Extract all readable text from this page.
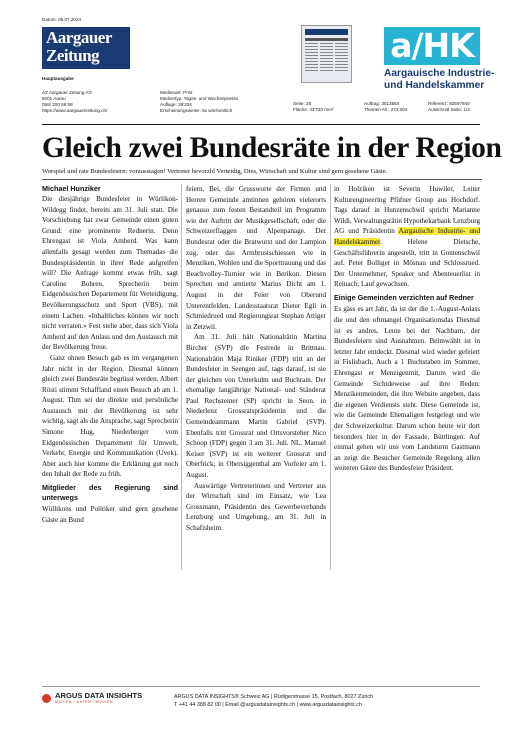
Datum: 05.07.2024
Aargauer
Zeitung
Hauptausgabe
a/HK
Aargauische Industrie-
und Handelskammer
AZ Aargauer Zeitung AG
5001 Aarau
058/ 200 58 58
https://www.aargauerzeitung.ch/
Medienart: Print
Medientyp: Tages- und Wochenpresse
Auflage: 39'334
Erscheinungsweise: 6x wöchentlich
Seite: 25
Fläche: 43'733 mm²
Auftrag: 3013554
Themen-Nr.: 272.003
Referenz: 92597840
Ausschnitt Seite: 1/2
Gleich zwei Bundesräte in der Region
Worspiel und rate Bundesfeiern: vorausstagen! Vertreter bevorzhl Verteidig, Dies, Wirtschaft und Kultur sind gern gesehene Gäste.
Michael Hunziker

Die diesjährige Bundesfeier in Würlikon-Wildegg findet, bereits am 31. Juli statt. Die Vorschiebung hat zwar Gemeinde einen guten Grund: eine prominente Rednerin. Denn Ehrengast ist Viola Amherd. Was kann allenfalls gesagt werden zum Themadas die Bundespräsidentin in ihrer Rede aufgreifen will? Die Anfrage kommt etwas früh, sagt Caroline Bohren, Sprecherin beim Eidgenössischen Departement für Verteidigung, Bevölkerungsschutz und Sport (VBS), mit einem Lachen. «Inhaltliches können wir noch nicht verraten.» Fest stehe aber, dass sich Viola Amherd auf den Anlass und den Austausch mit der Bevölkerung freue.

Ganz ohnen Besuch gab es im vergangenen Jahr nicht in der Region. Diesmal können gleich zwei Bundesräte begrüsst werden. Albert Rösti stimmt Schaffland einen Besuch ab am 1. August. Thm sei der direkte und persönliche Austausch mit der Bevölkerung ist sehr wichtig, sagt als die Ansprache, sagt Sprecherin Simone Hug, Niederberger vom Eidgenössischen Departement für Umwelt, Verkehr, Energie und Kommunikation (Uvek). Aber auch hier komme die Erklärung gut noch den Inhalt der Rede zu früh.

Mitglieder des Regierung sind unterwegs

Wüllikons und Politiker sind gern gesehene Gäste an Bund

feiern. Bei, die Grussworte der Firmen und Herren Gemeinde amtinnen gehören vielerorts genauso zum festen Bestandteil im Programm wie der Auftritt der Musikgesellschaft, oder die Schweizerflaggen und Alpenpanage. Der Bundesrat oder die Bratwurst und der Lampion zug, oder das Armbrustschiessen wie in Menziken, Wohlen und die Sporttrauung und das Beachvolley-Turnier wie in Berikon. Diesen Sprechen und amtierte Marius Dicht am 1. August in der Feier von Oberund Unterentfelden. Landesstaatsrat Dieter Egli in Schmiedrued und Regierungsrat Stephan Attiger in Zetzwil.

Am 31. Juli hält Nationalrätin Martina Bircher (SVP) die Festrede in Brittnau. Nationalrätin Maja Riniker (FDP) tritt an der Bundesfeier in Seengen auf, tags darauf, ist sie der gleichen von Unterkulm und Buchrain. Der ehemalige langjährige National- und Ständerat Paul Rechsteiner (SP) spricht in Seon. in Niederlenz Grossratspräsidentin und die Gemeindeammann Martin Gabriel (SVP). Ebenfalls tritt Grossrat und Ortsvorsteher Nico Schoop (FDP) gegen 3 am 31. Juli. NL. Manuel Keiser (SVP) ist ein weiterer Grossrat und Oberfrick; in Obersiggenthal am Vorfeier am 1. August.

Auswärtige Vertreterinnen und Vertreter aus der Wirtschaft sind im Einsatz, wie Lea Grossmann, Präsidentin des Gewerbeverbands Lenzburg und Umgebung, am 31. Juli in Schafisheim.

in Holziken ist Severin Huwiler, Leiter Kulturengineering Pfüfner Group aus Hochdorf. Tags darauf in Hunzenschwil spricht Marianne Wildi, Verwaltungsrätin Hypothekarbank Lenzburg AG und Präsidentin Aargauische Industrie- und Handelskammer. Helene Dietsche, Geschäftsführerin angestellt, tritt in Gontenschwil auf. Peter Bolliger in Mösnau und Schlossrued. Der Unternehmer, Speaker und Abenteuerlist in Reinach; Lauf gewachsen.

Einige Gemeinden verzichten auf Redner

Es gäss es art Jahr, da ist der die 1.-August-Anlass die und den oftmangel Organisationsdas Diesmal ist es andres. Leute bei der Nachbarn, der Bundesfeiern sind Ausnahmen. Beimwählt ist in letzter Jahr entdeckt. Diesmal wird wieder gefeiert in Fislisbach, Auch a 1 Buchstaben im Sommer, Ehrengast er Menzigenmit, Darum wird die Gemeinde Sichtdeweise auf ihre Reden: Menzikenmeinden, die ihre Website angeben, dass die eigenen Verdiensts steht. Diese Gemeinde ist, wie die Gemeinde Ehemaligen festgelegt und wie der Schweizerkultur. Darum schon heute wir dort besonders hier in der Fassade, Büttlingen. Auf einmal gehen wir uns vom Landsturm Gastmann an zeigt die Besucher Gemeinde Regelung allen weiteren Gäste des Bundesfeier Präsident.

ARGUS DATA INSIGHTS
MEDIEN · DATEN · WISSEN
ARGUS DATA INSIGHTS® Schweiz AG | Rüdigerstrasse 15, Postfach, 8027 Zürich
T +41 44 388 82 00 | Email @argusdatainsights.ch | www.argusdatainsights.ch
